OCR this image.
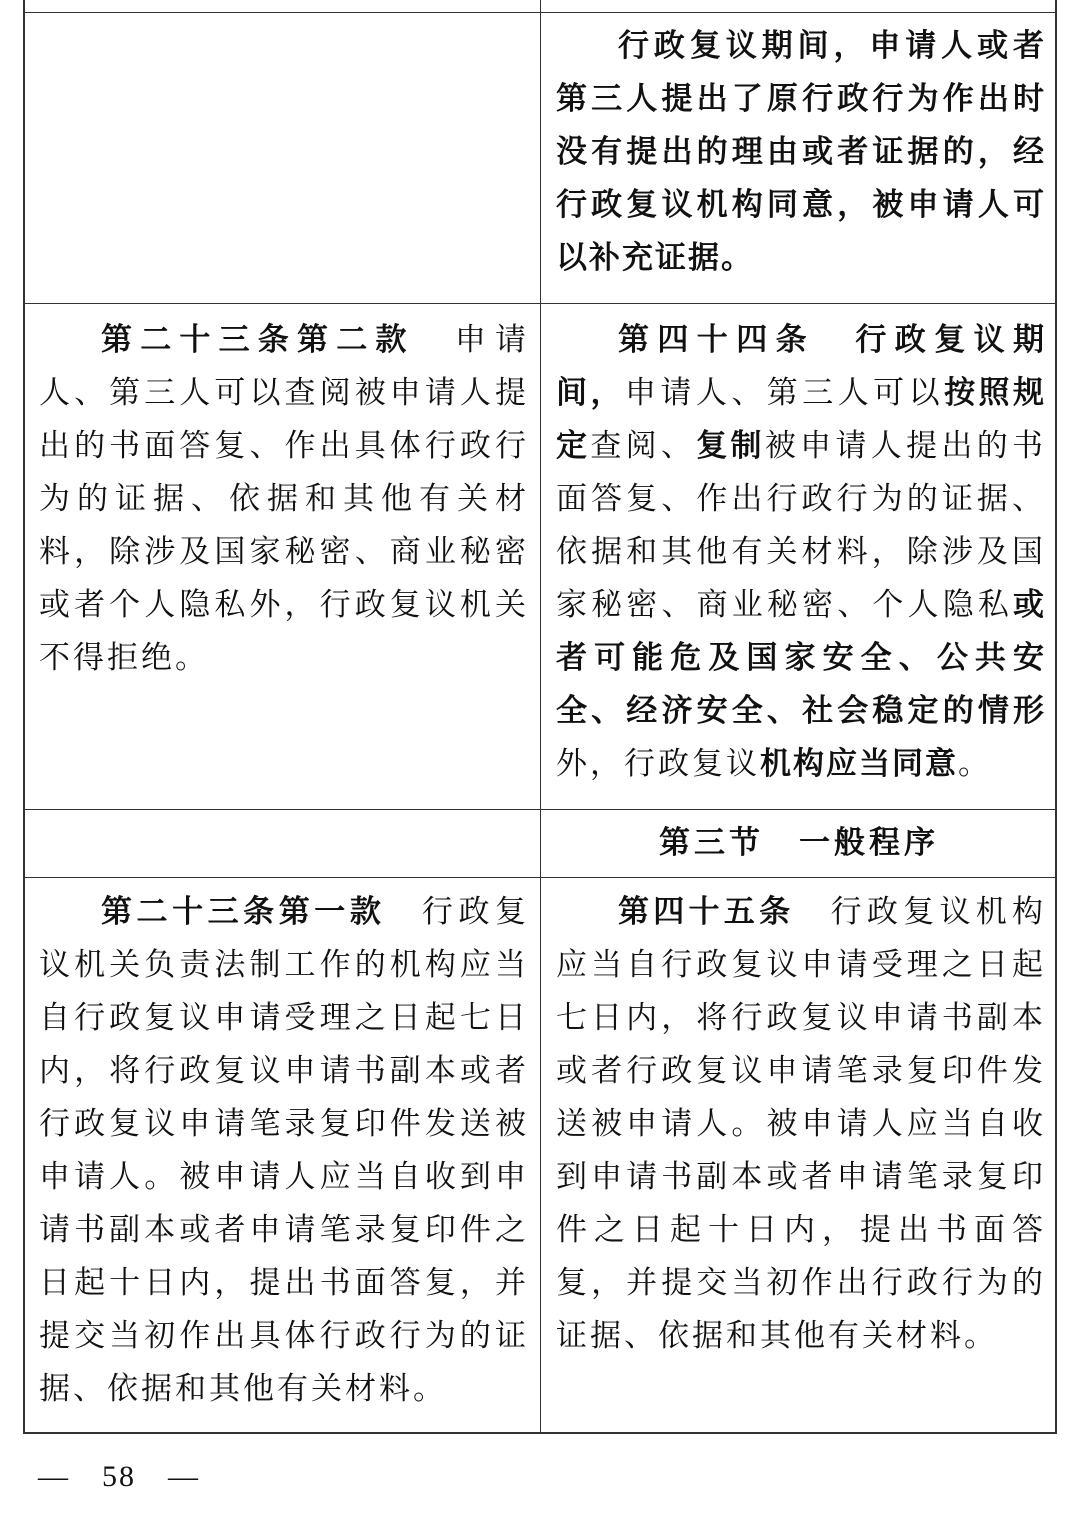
行政复议期间，申请人或者第三人提出了原行政行为作出时没有提出的理由或者证据的，经行政复议机构同意，被申请人可以补充证据。
第二十三条第二款　 申请人、第三人可以查阅被申请人提出的书面答复、作出具体行政行为的证据、依据和其他有关材料，除涉及国家秘密、商业秘密或者个人隐私外，行政复议机关不得拒绝。
第四十四条　 行政复议期间，申请人、第三人可以按照规定查阅、复制被申请人提出的书面答复、作出行政行为的证据、依据和其他有关材料，除涉及国家秘密、商业秘密、个人隐私或者可能危及国家安全、公共安全、经济安全、社会稳定的情形外，行政复议机构应当同意。
第三节　一般程序
第二十三条第一款　 行政复议机关负责法制工作的机构应当自行政复议申请受理之日起七日内，将行政复议申请书副本或者行政复议申请笔录复印件发送被申请人。被申请人应当自收到申请书副本或者申请笔录复印件之日起十日内，提出书面答复，并提交当初作出具体行政行为的证据、依据和其他有关材料。
第四十五条　 行政复议机构应当自行政复议申请受理之日起七日内，将行政复议申请书副本或者行政复议申请笔录复印件发送被申请人。被申请人应当自收到申请书副本或者申请笔录复印件之日起十日内，提出书面答复，并提交当初作出行政行为的证据、依据和其他有关材料。
—　58　—
